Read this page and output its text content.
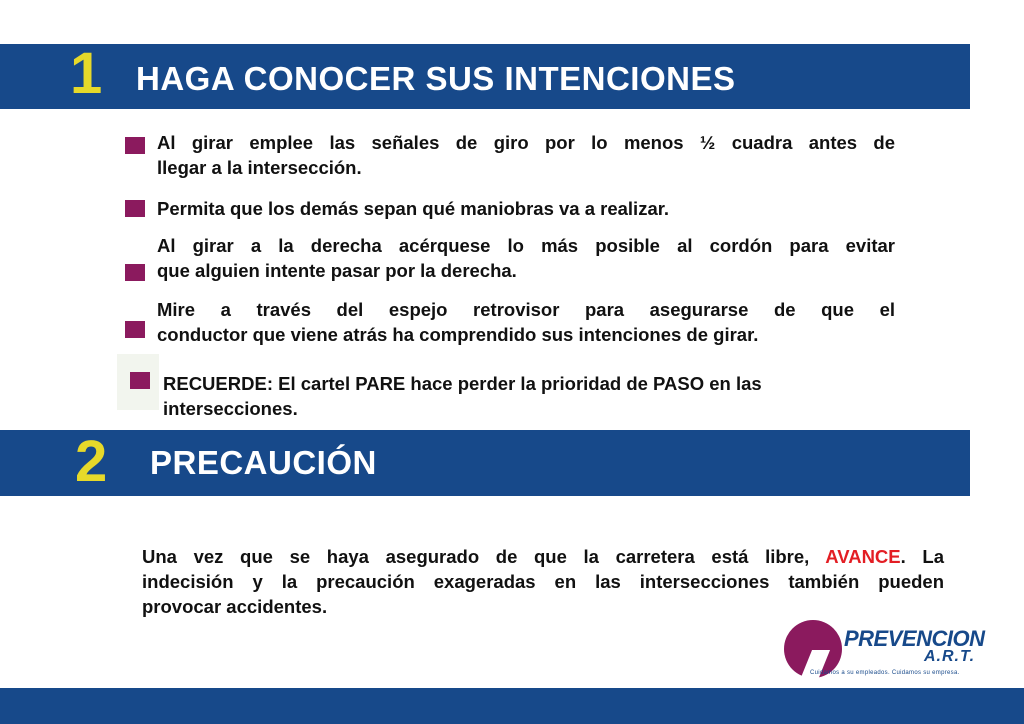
1 HAGA CONOCER SUS INTENCIONES
Al girar emplee las señales de giro por lo menos ½ cuadra antes de
llegar a la intersección.
Permita que los demás sepan qué maniobras va a realizar.
Al girar a la derecha acérquese lo más posible al cordón para evitar
que alguien intente pasar por la derecha.
Mire a través del espejo retrovisor para asegurarse de que el
conductor que viene atrás ha comprendido sus intenciones de girar.
RECUERDE: El cartel PARE hace perder la prioridad de PASO en las
intersecciones.
2 PRECAUCIÓN
Una vez que se haya asegurado de que la carretera está libre, AVANCE. La
indecisión y la precaución exageradas en las intersecciones también pueden
provocar accidentes.
PREVENCION
A.R.T.
Cuidamos a su empleados. Cuidamos su empresa.
